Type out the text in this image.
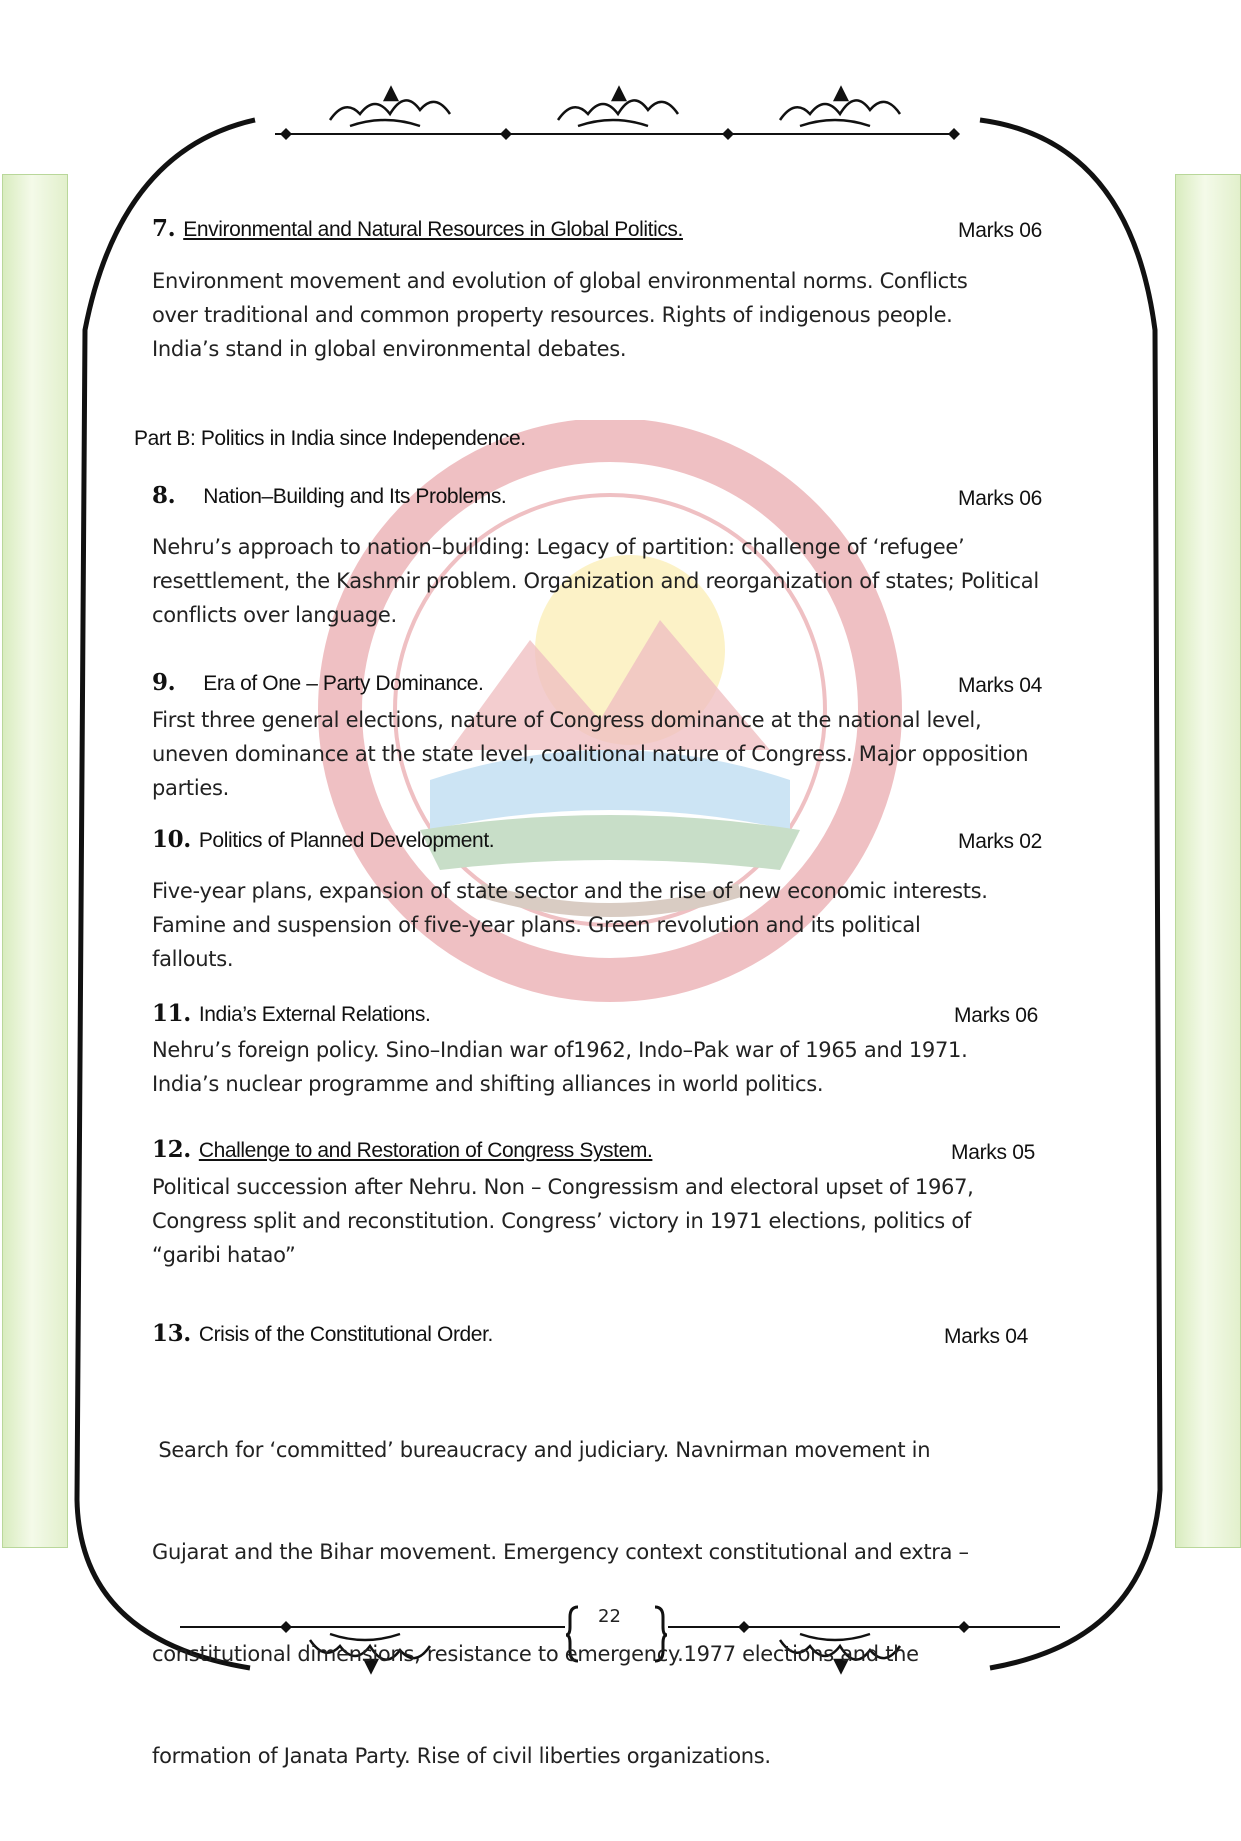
7. Environmental and Natural Resources in Global Politics.	Marks 06
Environment movement and evolution of global environmental norms. Conflicts
over traditional and common property resources. Rights of indigenous people.
India’s stand in global environmental debates.
Part B: Politics in India since Independence.
8. Nation–Building and Its Problems.	Marks 06
Nehru’s approach to nation–building: Legacy of partition: challenge of ‘refugee’
resettlement, the Kashmir problem. Organization and reorganization of states; Political
conflicts over language.
9. Era of One – Party Dominance.	Marks 04
First three general elections, nature of Congress dominance at the national level,
uneven dominance at the state level, coalitional nature of Congress. Major opposition
parties.
10. Politics of Planned Development.	Marks 02
Five-year plans, expansion of state sector and the rise of new economic interests.
Famine and suspension of five-year plans. Green revolution and its political
fallouts.
11. India’s External Relations.	Marks 06
Nehru’s foreign policy. Sino–Indian war of1962, Indo–Pak war of 1965 and 1971.
India’s nuclear programme and shifting alliances in world politics.
12. Challenge to and Restoration of Congress System.	Marks 05
Political succession after Nehru. Non – Congressism and electoral upset of 1967,
Congress split and reconstitution. Congress’ victory in 1971 elections, politics of
“garibi hatao”
13. Crisis of the Constitutional Order.	Marks 04

Search for ‘committed’ bureaucracy and judiciary. Navnirman movement in

Gujarat and the Bihar movement. Emergency context constitutional and extra –

constitutional dimensions, resistance to emergency.1977 elections and the

formation of Janata Party. Rise of civil liberties organizations.

22
